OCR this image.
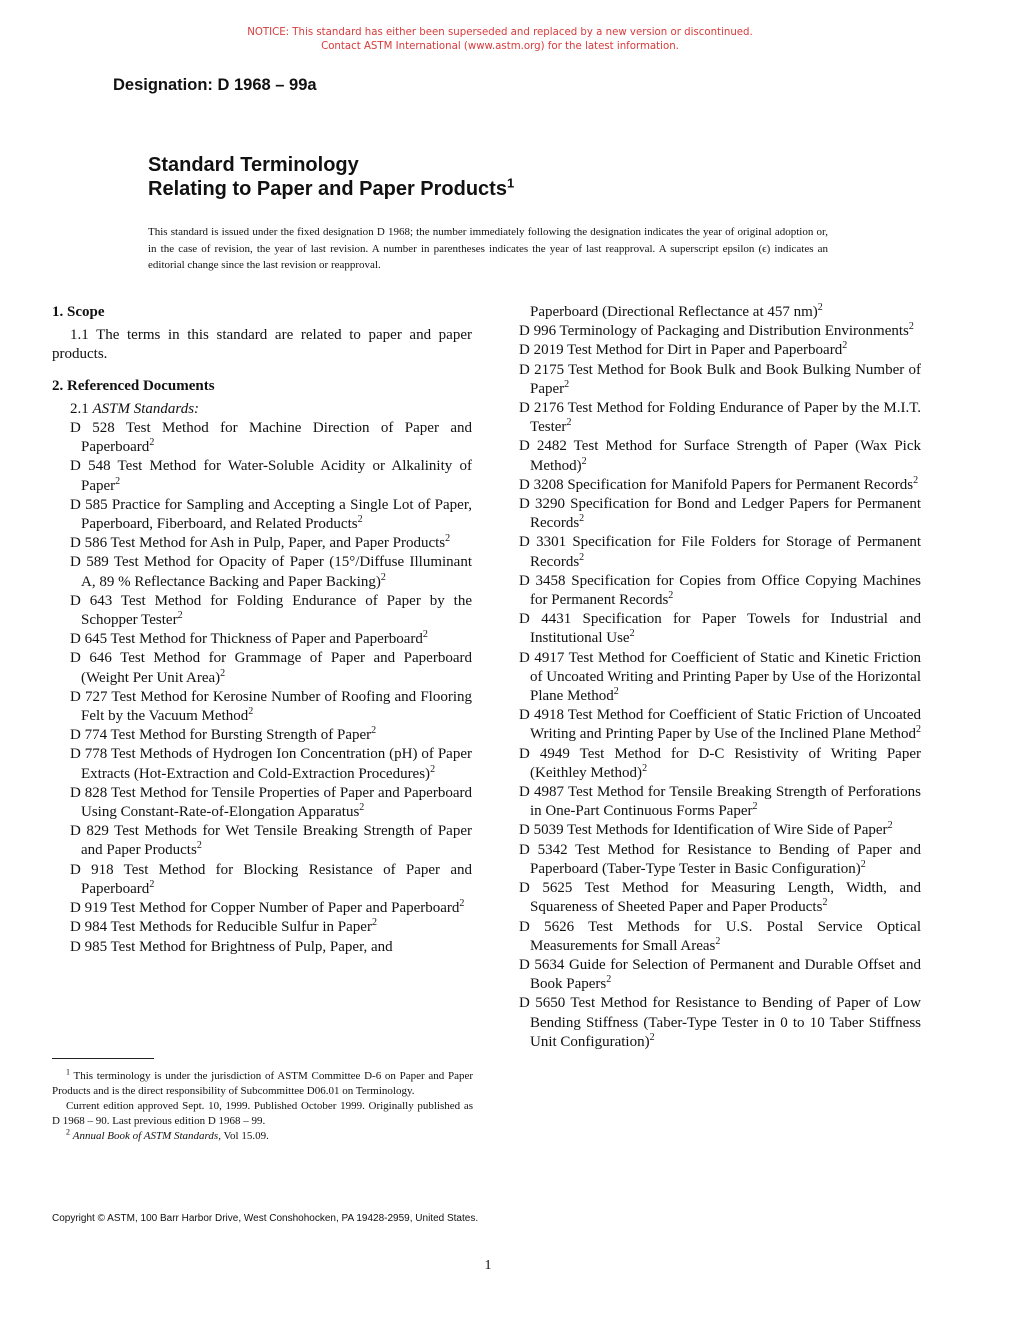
NOTICE: This standard has either been superseded and replaced by a new version or discontinued.
Contact ASTM International (www.astm.org) for the latest information.
Designation: D 1968 – 99a
Standard Terminology
Relating to Paper and Paper Products$^1$
This standard is issued under the fixed designation D 1968; the number immediately following the designation indicates the year of original adoption or, in the case of revision, the year of last revision. A number in parentheses indicates the year of last reapproval. A superscript epsilon (ϵ) indicates an editorial change since the last revision or reapproval.
1. Scope

1.1 The terms in this standard are related to paper and paper products.

2. Referenced Documents
2.1 ASTM Standards:
D 528 Test Method for Machine Direction of Paper and Paperboard$^2$
D 548 Test Method for Water-Soluble Acidity or Alkalinity of Paper$^2$
D 585 Practice for Sampling and Accepting a Single Lot of Paper, Paperboard, Fiberboard, and Related Products$^2$
D 586 Test Method for Ash in Pulp, Paper, and Paper Products$^2$
D 589 Test Method for Opacity of Paper (15°/Diffuse Illuminant A, 89 % Reflectance Backing and Paper Backing)$^2$
D 643 Test Method for Folding Endurance of Paper by the Schopper Tester$^2$
D 645 Test Method for Thickness of Paper and Paperboard$^2$
D 646 Test Method for Grammage of Paper and Paperboard (Weight Per Unit Area)$^2$
D 727 Test Method for Kerosine Number of Roofing and Flooring Felt by the Vacuum Method$^2$
D 774 Test Method for Bursting Strength of Paper$^2$
D 778 Test Methods of Hydrogen Ion Concentration (pH) of Paper Extracts (Hot-Extraction and Cold-Extraction Procedures)$^2$
D 828 Test Method for Tensile Properties of Paper and Paperboard Using Constant-Rate-of-Elongation Apparatus$^2$
D 829 Test Methods for Wet Tensile Breaking Strength of Paper and Paper Products$^2$
D 918 Test Method for Blocking Resistance of Paper and Paperboard$^2$
D 919 Test Method for Copper Number of Paper and Paperboard$^2$
D 984 Test Methods for Reducible Sulfur in Paper$^2$
D 985 Test Method for Brightness of Pulp, Paper, and
Paperboard (Directional Reflectance at 457 nm)$^2$
D 996 Terminology of Packaging and Distribution Environments$^2$
D 2019 Test Method for Dirt in Paper and Paperboard$^2$
D 2175 Test Method for Book Bulk and Book Bulking Number of Paper$^2$
D 2176 Test Method for Folding Endurance of Paper by the M.I.T. Tester$^2$
D 2482 Test Method for Surface Strength of Paper (Wax Pick Method)$^2$
D 3208 Specification for Manifold Papers for Permanent Records$^2$
D 3290 Specification for Bond and Ledger Papers for Permanent Records$^2$
D 3301 Specification for File Folders for Storage of Permanent Records$^2$
D 3458 Specification for Copies from Office Copying Machines for Permanent Records$^2$
D 4431 Specification for Paper Towels for Industrial and Institutional Use$^2$
D 4917 Test Method for Coefficient of Static and Kinetic Friction of Uncoated Writing and Printing Paper by Use of the Horizontal Plane Method$^2$
D 4918 Test Method for Coefficient of Static Friction of Uncoated Writing and Printing Paper by Use of the Inclined Plane Method$^2$
D 4949 Test Method for D-C Resistivity of Writing Paper (Keithley Method)$^2$
D 4987 Test Method for Tensile Breaking Strength of Perforations in One-Part Continuous Forms Paper$^2$
D 5039 Test Methods for Identification of Wire Side of Paper$^2$
D 5342 Test Method for Resistance to Bending of Paper and Paperboard (Taber-Type Tester in Basic Configuration)$^2$
D 5625 Test Method for Measuring Length, Width, and Squareness of Sheeted Paper and Paper Products$^2$
D 5626 Test Methods for U.S. Postal Service Optical Measurements for Small Areas$^2$
D 5634 Guide for Selection of Permanent and Durable Offset and Book Papers$^2$
D 5650 Test Method for Resistance to Bending of Paper of Low Bending Stiffness (Taber-Type Tester in 0 to 10 Taber Stiffness Unit Configuration)$^2$

$^1$ This terminology is under the jurisdiction of ASTM Committee D-6 on Paper and Paper Products and is the direct responsibility of Subcommittee D06.01 on Terminology.

Current edition approved Sept. 10, 1999. Published October 1999. Originally published as D 1968 – 90. Last previous edition D 1968 – 99.

$^2$ Annual Book of ASTM Standards, Vol 15.09.

Copyright © ASTM, 100 Barr Harbor Drive, West Conshohocken, PA 19428-2959, United States.
1
